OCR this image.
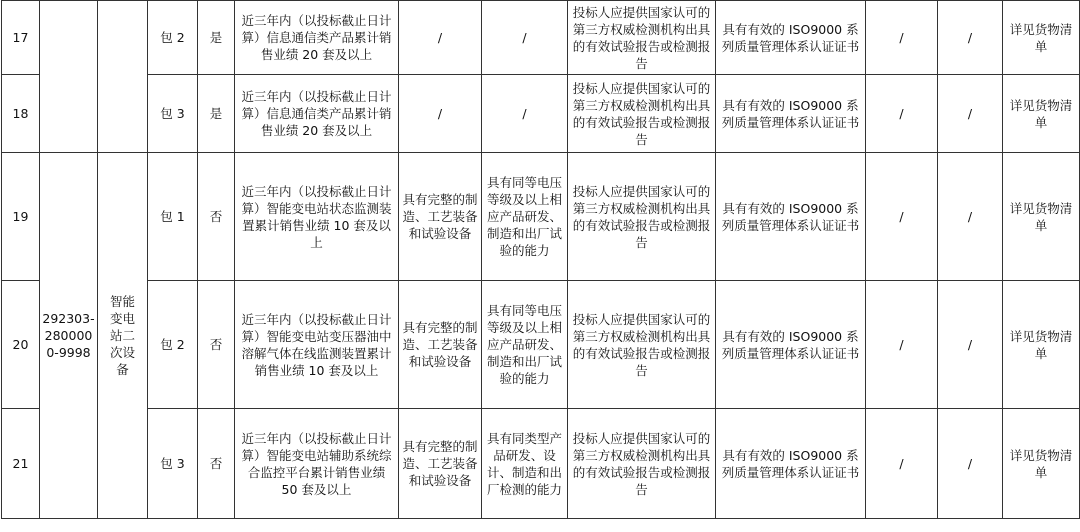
17			包 2	是	近三年内（以投标截止日计算）信息通信类产品累计销售业绩 20 套及以上	/	/	投标人应提供国家认可的第三方权威检测机构出具的有效试验报告或检测报告	具有有效的 ISO9000 系列质量管理体系认证证书	/	/	详见货物清单
18			包 3	是	近三年内（以投标截止日计算）信息通信类产品累计销售业绩 20 套及以上	/	/	投标人应提供国家认可的第三方权威检测机构出具的有效试验报告或检测报告	具有有效的 ISO9000 系列质量管理体系认证证书	/	/	详见货物清单
19	292303-2800000-9998	智能变电站二次设备	包 1	否	近三年内（以投标截止日计算）智能变电站状态监测装置累计销售业绩 10 套及以上	具有完整的制造、工艺装备和试验设备	具有同等电压等级及以上相应产品研发、制造和出厂试验的能力	投标人应提供国家认可的第三方权威检测机构出具的有效试验报告或检测报告	具有有效的 ISO9000 系列质量管理体系认证证书	/	/	详见货物清单
20			包 2	否	近三年内（以投标截止日计算）智能变电站变压器油中溶解气体在线监测装置累计销售业绩 10 套及以上	具有完整的制造、工艺装备和试验设备	具有同等电压等级及以上相应产品研发、制造和出厂试验的能力	投标人应提供国家认可的第三方权威检测机构出具的有效试验报告或检测报告	具有有效的 ISO9000 系列质量管理体系认证证书	/	/	详见货物清单
21			包 3	否	近三年内（以投标截止日计算）智能变电站辅助系统综合监控平台累计销售业绩 50 套及以上	具有完整的制造、工艺装备和试验设备	具有同类型产品研发、设计、制造和出厂检测的能力	投标人应提供国家认可的第三方权威检测机构出具的有效试验报告或检测报告	具有有效的 ISO9000 系列质量管理体系认证证书	/	/	详见货物清单
